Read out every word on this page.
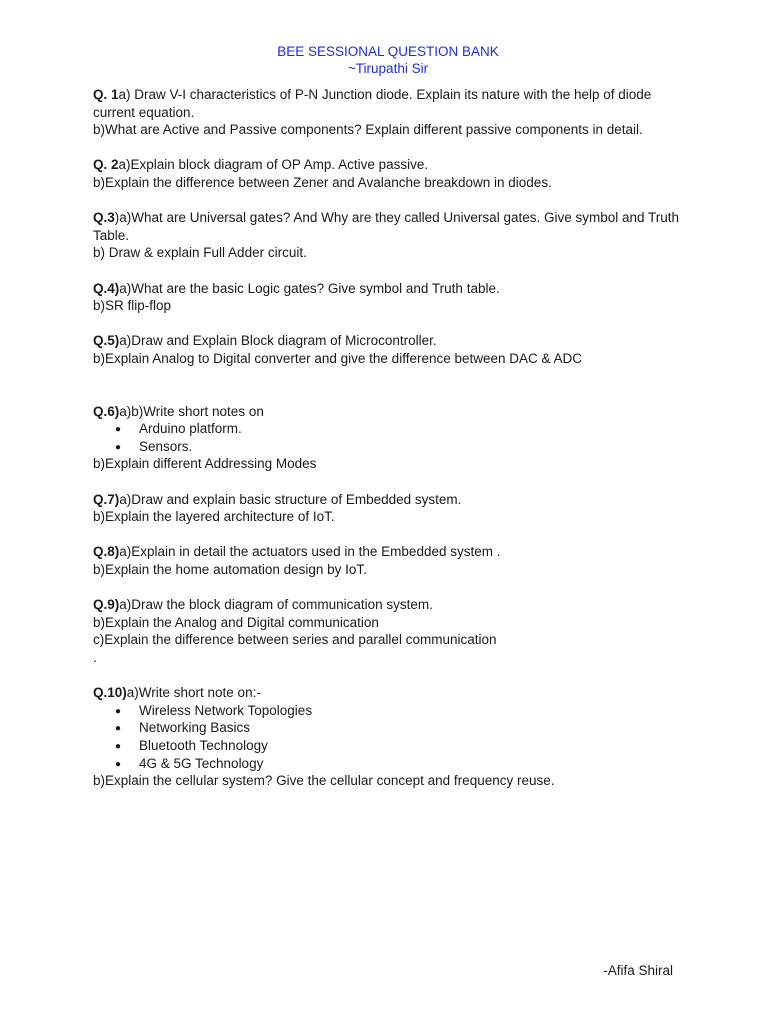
BEE SESSIONAL QUESTION BANK
~Tirupathi Sir
Q. 1a) Draw V-I characteristics of P-N Junction diode. Explain its nature with the help of diode current equation.
b)What are Active and Passive components? Explain different passive components in detail.
Q. 2a)Explain block diagram of OP Amp. Active passive.
b)Explain the difference between Zener and Avalanche breakdown in diodes.
Q.3)a)What are Universal gates? And Why are they called Universal gates. Give symbol and Truth Table.
b) Draw & explain Full Adder circuit.
Q.4)a)What are the basic Logic gates? Give symbol and Truth table.
b)SR flip-flop
Q.5)a)Draw and Explain Block diagram of Microcontroller.
b)Explain Analog to Digital converter and give the difference between DAC & ADC
Q.6)a)b)Write short notes on
● Arduino platform.
● Sensors.
b)Explain different Addressing Modes
Q.7)a)Draw and explain basic structure of Embedded system.
b)Explain the layered architecture of IoT.
Q.8)a)Explain in detail the actuators used in the Embedded system .
b)Explain the home automation design by IoT.
Q.9)a)Draw the block diagram of communication system.
b)Explain the Analog and Digital communication
c)Explain the difference between series and parallel communication
.
Q.10)a)Write short note on:-
● Wireless Network Topologies
● Networking Basics
● Bluetooth Technology
● 4G & 5G Technology
b)Explain the cellular system? Give the cellular concept and frequency reuse.
-Afifa Shiral
